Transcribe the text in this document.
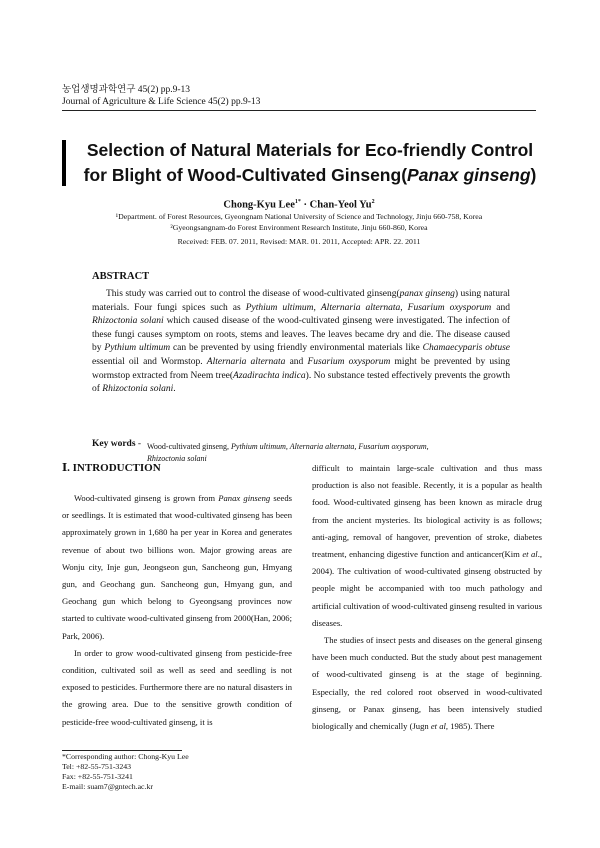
농업생명과학연구 45(2) pp.9-13
Journal of Agriculture & Life Science 45(2) pp.9-13
Selection of Natural Materials for Eco-friendly Control
for Blight of Wood-Cultivated Ginseng(Panax ginseng)
Chong-Kyu Lee$^{1*}$ · Chan-Yeol Yu$^2$
¹Department. of Forest Resources, Gyeongnam National University of Science and Technology, Jinju 660-758, Korea
²Gyeongsangnam-do Forest Environment Research Institute, Jinju 660-860, Korea
Received: FEB. 07. 2011, Revised: MAR. 01. 2011, Accepted: APR. 22. 2011
ABSTRACT
This study was carried out to control the disease of wood-cultivated ginseng(panax ginseng) using natural materials. Four fungi spices such as Pythium ultimum, Alternaria alternata, Fusarium oxysporum and Rhizoctonia solani which caused disease of the wood-cultivated ginseng were investigated. The infection of these fungi causes symptom on roots, stems and leaves. The leaves became dry and die. The disease caused by Pythium ultimum can be prevented by using friendly environmental materials like Chamaecyparis obtuse essential oil and Wormstop. Alternaria alternata and Fusarium oxysporum might be prevented by using wormstop extracted from Neem tree(Azadirachta indica). No substance tested effectively prevents the growth of Rhizoctonia solani.
Key words - Wood-cultivated ginseng, Pythium ultimum, Alternaria alternata, Fusarium oxysporum,
Rhizoctonia solani
Ⅰ. INTRODUCTION

Wood-cultivated ginseng is grown from Panax ginseng seeds or seedlings. It is estimated that wood-cultivated ginseng has been approximately grown in 1,680 ha per year in Korea and generates revenue of about two billions won. Major growing areas are Wonju city, Inje gun, Jeongseon gun, Sancheong gun, Hmyang gun, and Geochang gun. Sancheong gun, Hmyang gun, and Geochang gun which belong to Gyeongsang provinces now started to cultivate wood-cultivated ginseng from 2000(Han, 2006; Park, 2006).

In order to grow wood-cultivated ginseng from pesticide-free condition, cultivated soil as well as seed and seedling is not exposed to pesticides. Furthermore there are no natural disasters in the growing area. Due to the sensitive growth condition of pesticide-free wood-cultivated ginseng, it is

difficult to maintain large-scale cultivation and thus mass production is also not feasible. Recently, it is a popular as health food. Wood-cultivated ginseng has been known as miracle drug from the ancient mysteries. Its biological activity is as follows; anti-aging, removal of hangover, prevention of stroke, diabetes treatment, enhancing digestive function and anticancer(Kim et al., 2004). The cultivation of wood-cultivated ginseng obstructed by people might be accompanied with too much pathology and artificial cultivation of wood-cultivated ginseng resulted in various diseases.

The studies of insect pests and diseases on the general ginseng have been much conducted. But the study about pest management of wood-cultivated ginseng is at the stage of beginning. Especially, the red colored root observed in wood-cultivated ginseng, or Panax ginseng, has been intensively studied biologically and chemically (Jugn et al, 1985). There

*Corresponding author: Chong-Kyu Lee
Tel: +82-55-751-3243
Fax: +82-55-751-3241
E-mail: suam7@gntech.ac.kr
